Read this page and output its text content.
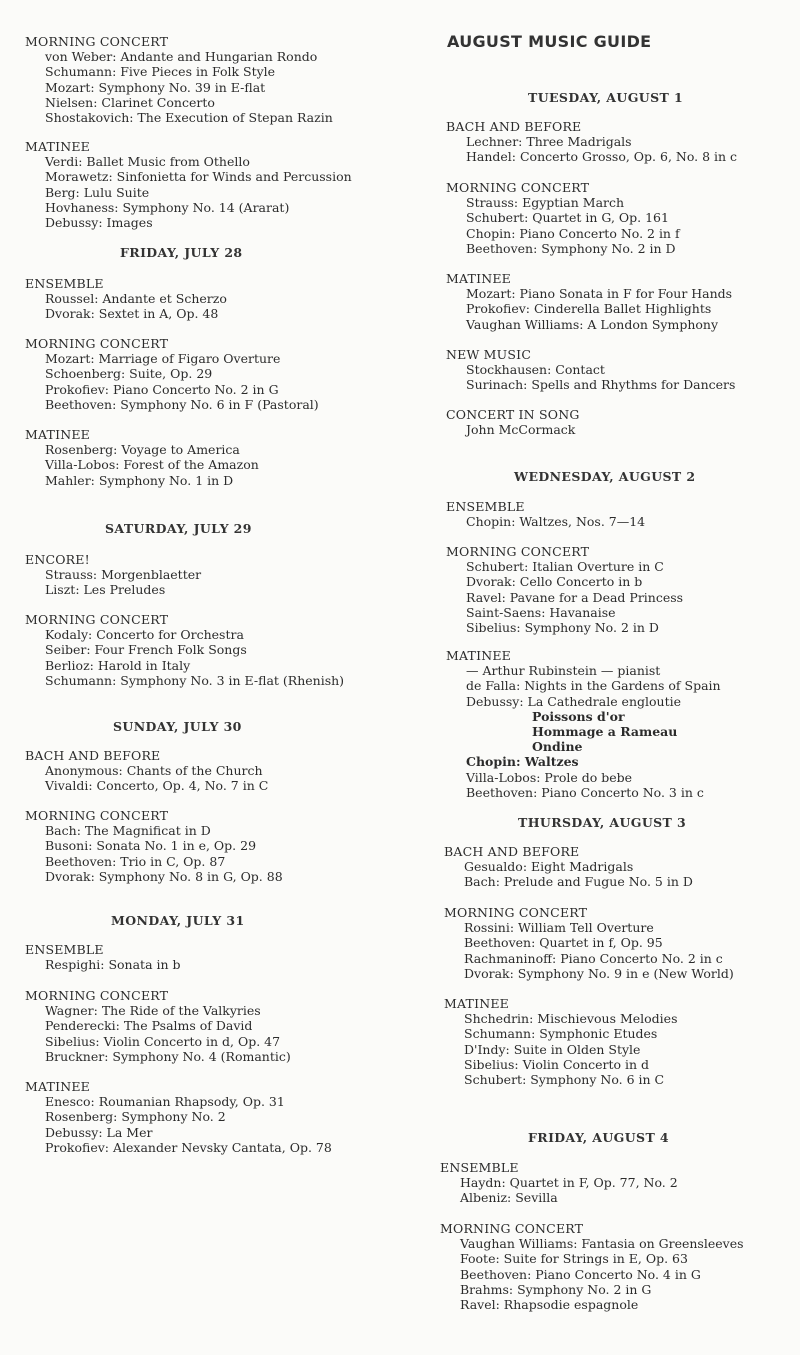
AUGUST MUSIC GUIDE
MORNING CONCERT
von Weber: Andante and Hungarian Rondo
Schumann: Five Pieces in Folk Style
Mozart: Symphony No. 39 in E-flat
Nielsen: Clarinet Concerto
Shostakovich: The Execution of Stepan Razin
MATINEE
Verdi: Ballet Music from Othello
Morawetz: Sinfonietta for Winds and Percussion
Berg: Lulu Suite
Hovhaness: Symphony No. 14 (Ararat)
Debussy: Images
FRIDAY, JULY 28
ENSEMBLE
Roussel: Andante et Scherzo
Dvorak: Sextet in A, Op. 48
MORNING CONCERT
Mozart: Marriage of Figaro Overture
Schoenberg: Suite, Op. 29
Prokofiev: Piano Concerto No. 2 in G
Beethoven: Symphony No. 6 in F (Pastoral)
MATINEE
Rosenberg: Voyage to America
Villa-Lobos: Forest of the Amazon
Mahler: Symphony No. 1 in D
SATURDAY, JULY 29
ENCORE!
Strauss: Morgenblaetter
Liszt: Les Preludes
MORNING CONCERT
Kodaly: Concerto for Orchestra
Seiber: Four French Folk Songs
Berlioz: Harold in Italy
Schumann: Symphony No. 3 in E-flat (Rhenish)
SUNDAY, JULY 30
BACH AND BEFORE
Anonymous: Chants of the Church
Vivaldi: Concerto, Op. 4, No. 7 in C
MORNING CONCERT
Bach: The Magnificat in D
Busoni: Sonata No. 1 in e, Op. 29
Beethoven: Trio in C, Op. 87
Dvorak: Symphony No. 8 in G, Op. 88
MONDAY, JULY 31
ENSEMBLE
Respighi: Sonata in b
MORNING CONCERT
Wagner: The Ride of the Valkyries
Penderecki: The Psalms of David
Sibelius: Violin Concerto in d, Op. 47
Bruckner: Symphony No. 4 (Romantic)
MATINEE
Enesco: Roumanian Rhapsody, Op. 31
Rosenberg: Symphony No. 2
Debussy: La Mer
Prokofiev: Alexander Nevsky Cantata, Op. 78
TUESDAY, AUGUST 1
BACH AND BEFORE
Lechner: Three Madrigals
Handel: Concerto Grosso, Op. 6, No. 8 in c
MORNING CONCERT
Strauss: Egyptian March
Schubert: Quartet in G, Op. 161
Chopin: Piano Concerto No. 2 in f
Beethoven: Symphony No. 2 in D
MATINEE
Mozart: Piano Sonata in F for Four Hands
Prokofiev: Cinderella Ballet Highlights
Vaughan Williams: A London Symphony
NEW MUSIC
Stockhausen: Contact
Surinach: Spells and Rhythms for Dancers
CONCERT IN SONG
John McCormack
WEDNESDAY, AUGUST 2
ENSEMBLE
Chopin: Waltzes, Nos. 7—14
MORNING CONCERT
Schubert: Italian Overture in C
Dvorak: Cello Concerto in b
Ravel: Pavane for a Dead Princess
Saint-Saens: Havanaise
Sibelius: Symphony No. 2 in D
MATINEE
— Arthur Rubinstein — pianist
de Falla: Nights in the Gardens of Spain
Debussy: La Cathedrale engloutie
Poissons d'or
Hommage a Rameau
Ondine
Chopin: Waltzes
Villa-Lobos: Prole do bebe
Beethoven: Piano Concerto No. 3 in c
THURSDAY, AUGUST 3
BACH AND BEFORE
Gesualdo: Eight Madrigals
Bach: Prelude and Fugue No. 5 in D
MORNING CONCERT
Rossini: William Tell Overture
Beethoven: Quartet in f, Op. 95
Rachmaninoff: Piano Concerto No. 2 in c
Dvorak: Symphony No. 9 in e (New World)
MATINEE
Shchedrin: Mischievous Melodies
Schumann: Symphonic Etudes
D'Indy: Suite in Olden Style
Sibelius: Violin Concerto in d
Schubert: Symphony No. 6 in C
FRIDAY, AUGUST 4
ENSEMBLE
Haydn: Quartet in F, Op. 77, No. 2
Albeniz: Sevilla
MORNING CONCERT
Vaughan Williams: Fantasia on Greensleeves
Foote: Suite for Strings in E, Op. 63
Beethoven: Piano Concerto No. 4 in G
Brahms: Symphony No. 2 in G
Ravel: Rhapsodie espagnole
